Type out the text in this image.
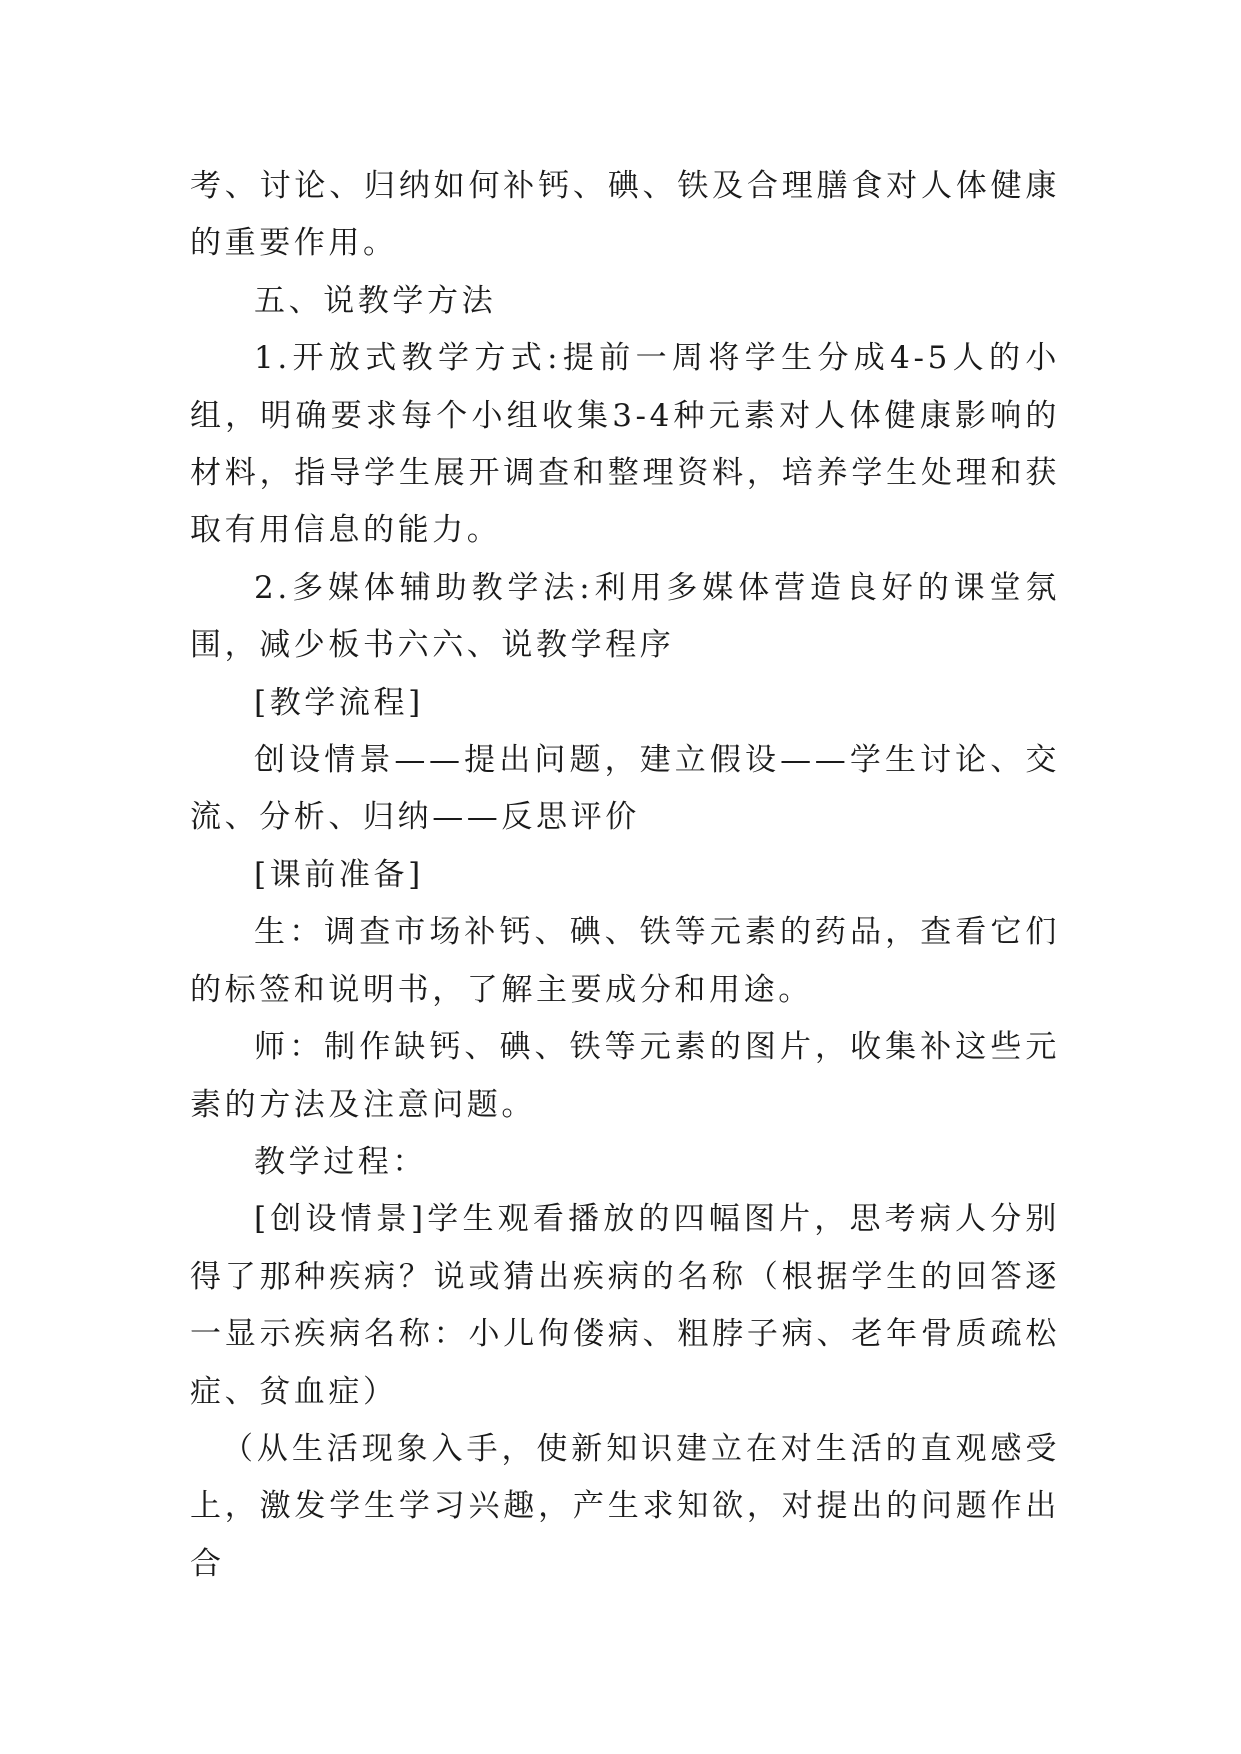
考、讨论、归纳如何补钙、碘、铁及合理膳食对人体健康的重要作用。

五、说教学方法

1.开放式教学方式:提前一周将学生分成4-5人的小组，明确要求每个小组收集3-4种元素对人体健康影响的材料，指导学生展开调查和整理资料，培养学生处理和获取有用信息的能力。

2.多媒体辅助教学法:利用多媒体营造良好的课堂氛围，减少板书六六、说教学程序

[教学流程]

创设情景——提出问题，建立假设——学生讨论、交流、分析、归纳——反思评价

[课前准备]

生：调查市场补钙、碘、铁等元素的药品，查看它们的标签和说明书，了解主要成分和用途。

师：制作缺钙、碘、铁等元素的图片，收集补这些元素的方法及注意问题。

教学过程：

[创设情景]学生观看播放的四幅图片，思考病人分别得了那种疾病？说或猜出疾病的名称（根据学生的回答逐一显示疾病名称：小儿佝偻病、粗脖子病、老年骨质疏松症、贫血症）

（从生活现象入手，使新知识建立在对生活的直观感受上，激发学生学习兴趣，产生求知欲，对提出的问题作出合
